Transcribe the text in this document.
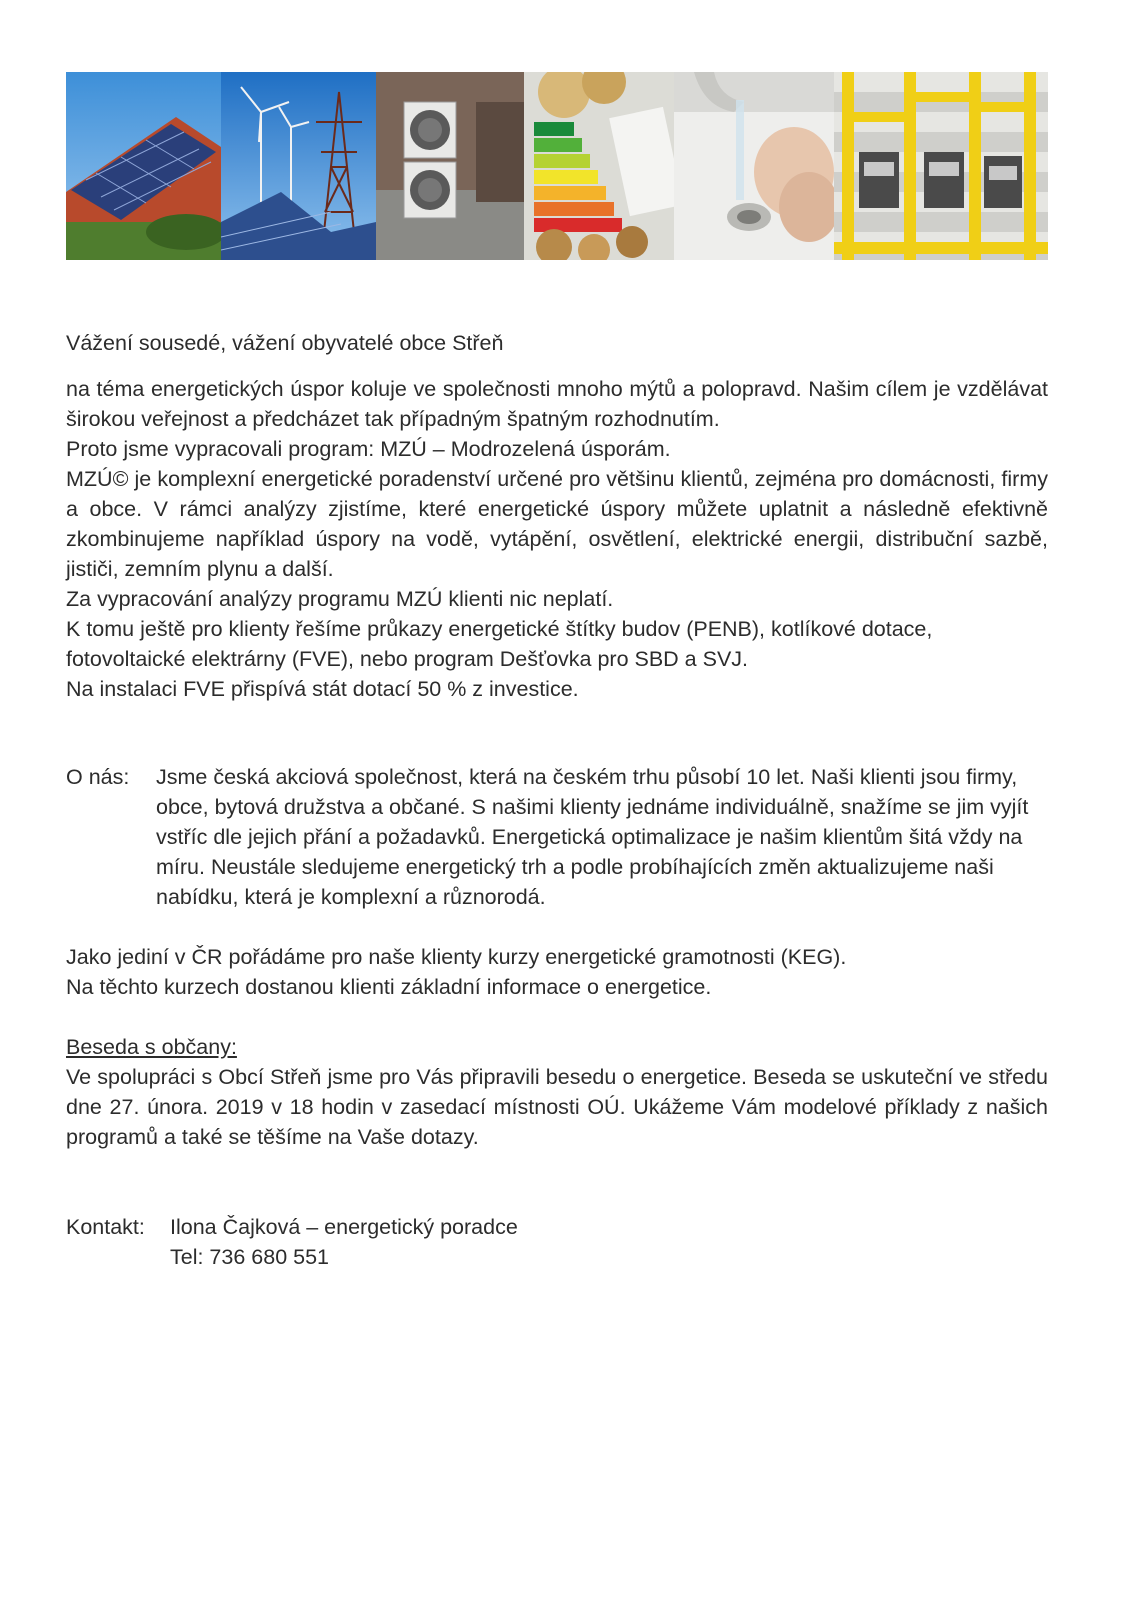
Vážení sousedé, vážení obyvatelé obce Střeň

na téma energetických úspor koluje ve společnosti mnoho mýtů a polopravd. Našim cílem je vzdělávat širokou veřejnost a předcházet tak případným špatným rozhodnutím.

Proto jsme vypracovali program: MZÚ – Modrozelená úsporám.

MZÚ© je komplexní energetické poradenství určené pro většinu klientů, zejména pro domácnosti, firmy a obce. V rámci analýzy zjistíme, které energetické úspory můžete uplatnit a následně efektivně zkombinujeme například úspory na vodě, vytápění, osvětlení, elektrické energii, distribuční sazbě, jističi, zemním plynu a další.

Za vypracování analýzy programu MZÚ klienti nic neplatí.

K tomu ještě pro klienty řešíme průkazy energetické štítky budov (PENB), kotlíkové dotace, fotovoltaické elektrárny (FVE), nebo program Dešťovka pro SBD a SVJ.

Na instalaci FVE přispívá stát dotací 50 % z investice.

O nás:	Jsme česká akciová společnost, která na českém trhu působí 10 let. Naši klienti jsou firmy, obce, bytová družstva a občané. S našimi klienty jednáme individuálně, snažíme se jim vyjít vstříc dle jejich přání a požadavků. Energetická optimalizace je našim klientům šitá vždy na míru. Neustále sledujeme energetický trh a podle probíhajících změn aktualizujeme naši nabídku, která je komplexní a různorodá.

Jako jediní v ČR pořádáme pro naše klienty kurzy energetické gramotnosti (KEG).

Na těchto kurzech dostanou klienti základní informace o energetice.

Beseda s občany:

Ve spolupráci s Obcí Střeň jsme pro Vás připravili besedu o energetice. Beseda se uskuteční ve středu dne 27. února. 2019 v 18 hodin v zasedací místnosti OÚ. Ukážeme Vám modelové příklady z našich programů a také se těšíme na Vaše dotazy.

Kontakt:	Ilona Čajková – energetický poradce

Tel: 736 680 551
